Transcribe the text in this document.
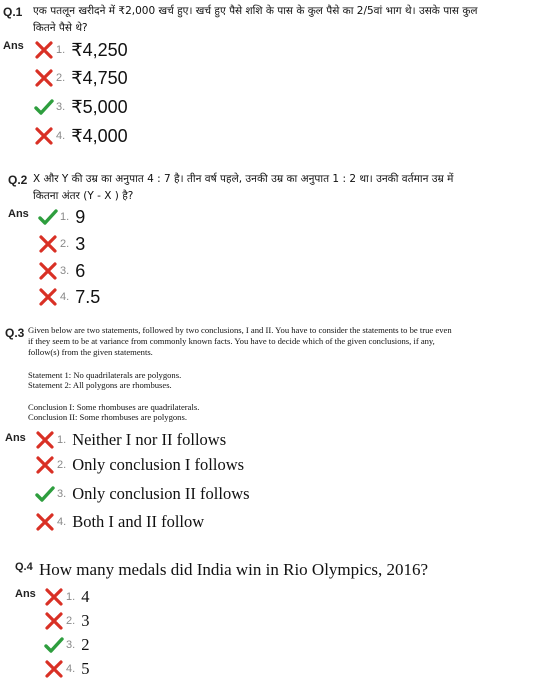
Q.1 एक पतलून खरीदने में ₹2,000 खर्च हुए। खर्च हुए पैसे शशि के पास के कुल पैसे का 2/5वां भाग थे। उसके पास कुल
कितने पैसे थे?
Ans	1. ₹4,250
2. ₹4,750
3. ₹5,000
4. ₹4,000
Q.2 X और Y की उम्र का अनुपात 4 : 7 है। तीन वर्ष पहले, उनकी उम्र का अनुपात 1 : 2 था। उनकी वर्तमान उम्र में
कितना अंतर (Y - X ) है?
Ans	1. 9
2. 3
3. 6
4. 7.5
Q.3 Given below are two statements, followed by two conclusions, I and II. You have to consider the statements to be true even
if they seem to be at variance from commonly known facts. You have to decide which of the given conclusions, if any,
follow(s) from the given statements.
Statement 1: No quadrilaterals are polygons.
Statement 2: All polygons are rhombuses.
Conclusion I: Some rhombuses are quadrilaterals.
Conclusion II: Some rhombuses are polygons.
Ans	1. Neither I nor II follows
2. Only conclusion I follows
3. Only conclusion II follows
4. Both I and II follow
Q.4 How many medals did India win in Rio Olympics, 2016?
Ans	1. 4
2. 3
3. 2
4. 5
